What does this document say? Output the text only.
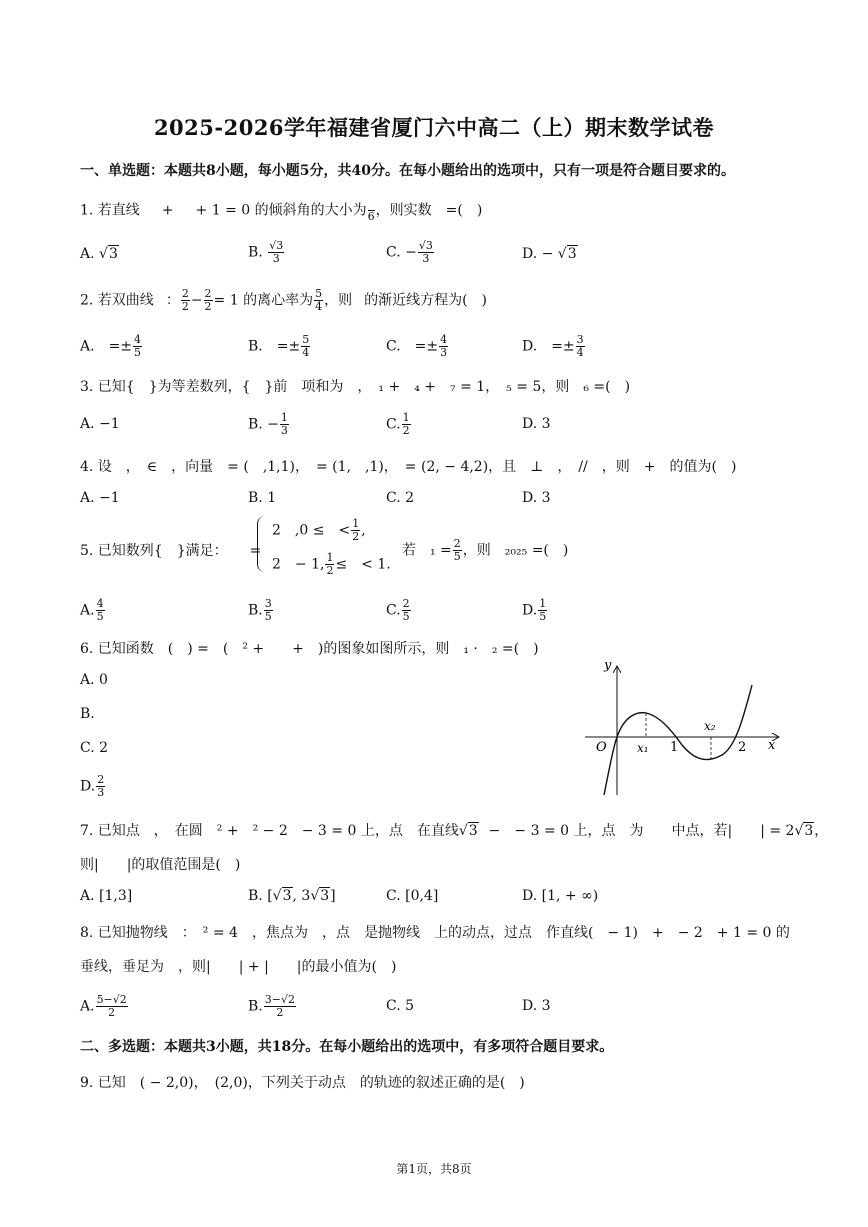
2025-2026学年福建省厦门六中高二（上）期末数学试卷
一、单选题：本题共8小题，每小题5分，共40分。在每小题给出的选项中，只有一项是符合题目要求的。
1. 若直线 + + 1 = 0 的倾斜角的大小为
6 ，则实数 =(　)
A. √3	B. $\frac{√3}{3}$	C. − $\frac{√3}{3}$	D. − √3
2. 若双曲线 ： $\frac{2}{2} - \frac{2}{2} = 1$ 的离心率为 $\frac{5}{4}$ ，则 的渐近线方程为(　)
A. =± $\frac{4}{5}$	B. =± $\frac{5}{4}$	C. =± $\frac{4}{3}$	D. =± $\frac{3}{4}$
3. 已知{　}为等差数列，{　}前　项和为　，　₁ +　₄ +　₇ = 1，　₅ = 5，则　₆ =(　)
A. −1	B. − $\frac{1}{3}$	C. $\frac{1}{2}$	D. 3
4. 设　，　∈　，向量　= (　,1,1)，　= (1,　,1)，　= (2, − 4,2)，且　⊥　，　//　，则　+　的值为(　)
A. −1	B. 1	C. 2	D. 3
5. 已知数列{　}满足： =
2　,0 ≤　< $\frac{1}{2}$ ,
2　− 1, $\frac{1}{2}$ ≤　< 1.
若　$_1 = \frac{2}{5}$ ，则　₂₀₂₅ =(　)
A. $\frac{4}{5}$	B. $\frac{3}{5}$	C. $\frac{2}{5}$	D. $\frac{1}{5}$
6. 已知函数　(　) =　(　² +　　+　)的图象如图所示，则　₁ ·　₂ =(　)
A. 0
B.
C. 2
D. $\frac{2}{3}$
y
x
O	x₁ 1
x₂
2
7. 已知点　，　在圆　² +　² − 2　− 3 = 0 上，点　在直线√3 −　− 3 = 0 上，点　为　　中点，若|　　| = 2√3，
则|　　|的取值范围是(　)
A. [1,3]	B. [√3, 3√3]	C. [0,4]	D. [1, + ∞)
8. 已知抛物线　：　² = 4　，焦点为　，点　是抛物线　上的动点，过点　作直线(　− 1)　+　− 2　+ 1 = 0 的
垂线，垂足为　，则|　　| + |　　|的最小值为(　)
A. $\frac{5-√2}{2}$	B. $\frac{3-√2}{2}$	C. 5	D. 3
二、多选题：本题共3小题，共18分。在每小题给出的选项中，有多项符合题目要求。
9. 已知　( − 2,0)，　(2,0)，下列关于动点　的轨迹的叙述正确的是(　)
第1页，共8页
